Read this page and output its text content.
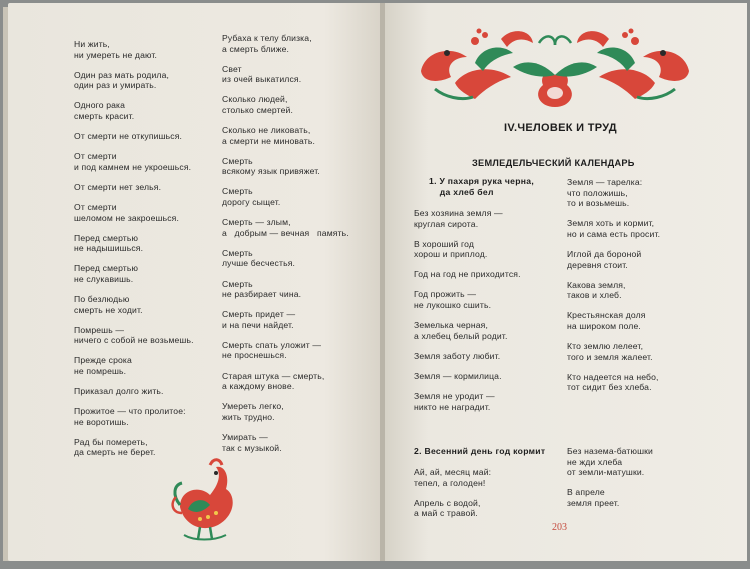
Ни жить,
ни умереть не дают.
Один раз мать родила,
один раз и умирать.
Одного рака
смерть красит.
От смерти не откупишься.
От смерти
и под камнем не укроешься.
От смерти нет зелья.
От смерти
шеломом не закроешься.
Перед смертью
не надышишься.
Перед смертью
не слукавишь.
По безлюдью
смерть не ходит.
Помрешь —
ничего с собой не возьмешь.
Прежде срока
не помрешь.
Приказал долго жить.
Прожитое — что пролитое:
не воротишь.
Рад бы помереть,
да смерть не берет.
Рубаха к телу близка,
а смерть ближе.
Свет
из очей выкатился.
Сколько людей,
столько смертей.
Сколько не ликовать,
а смерти не миновать.
Смерть
всякому язык привяжет.
Смерть
дорогу сыщет.
Смерть — злым,
а   добрым — вечная   память.
Смерть
лучше бесчестья.
Смерть
не разбирает чина.
Смерть придет —
и на печи найдет.
Смерть спать уложит —
не проснешься.
Старая штука — смерть,
а каждому вновe.
Умереть легко,
жить трудно.
Умирать —
так с музыкой.
IV.ЧЕЛОВЕК И ТРУД
ЗЕМЛЕДЕЛЬЧЕСКИЙ КАЛЕНДАРЬ
1. У пахаря рука черна,
да хлеб бел
Без хозяина земля —
круглая сирота.
В хороший год
хорош и приплод.
Год на год не приходится.
Год прожить —
не лукошко сшить.
Земелька черная,
а хлебец белый родит.
Земля заботу любит.
Земля — кормилица.
Земля не уродит —
никто не наградит.
Земля — тарелка:
что положишь,
то и возьмешь.
Земля хоть и кормит,
но и сама есть просит.
Иглой да бороной
деревня стоит.
Какова земля,
таков и хлеб.
Крестьянская доля
на широком поле.
Кто землю лелеет,
того и земля жалеет.
Кто надеется на небо,
тот сидит без хлеба.
2. Весенний день год кормит
Ай, ай, месяц май:
тепел, а голоден!
Апрель с водой,
а май с травой.
Без назема-батюшки
не жди хлеба
от земли-матушки.
В апреле
земля преет.
203
